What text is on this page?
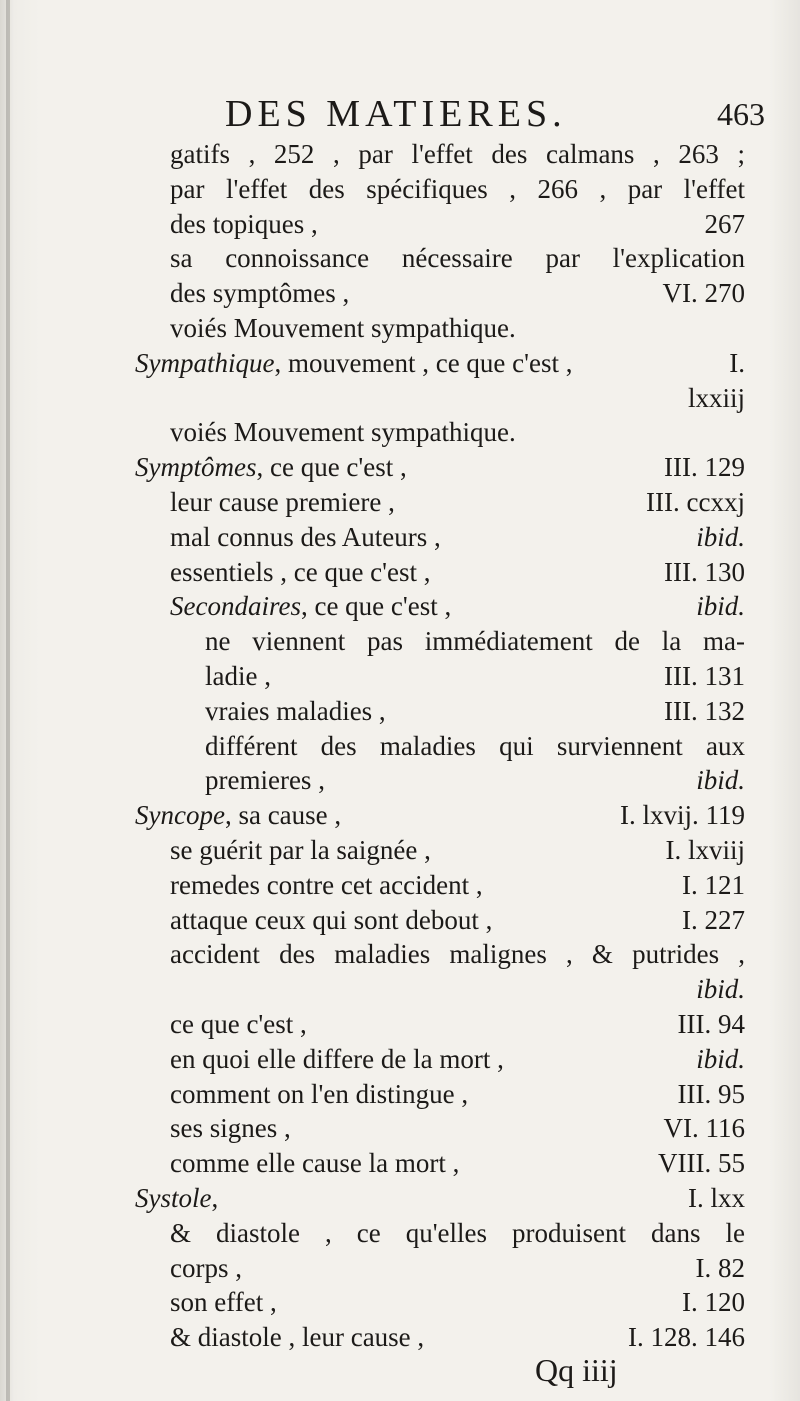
DES MATIERES.	463
gatifs , 252 , par l'effet des calmans , 263 ;
par l'effet des spécifiques , 266 , par l'effet
des topiques ,	267
sa connoissance nécessaire par l'explication
des symptômes ,	VI. 270
voiés Mouvement sympathique.
Sympathique, mouvement , ce que c'est ,	I.
lxxiij
voiés Mouvement sympathique.
Symptômes, ce que c'est ,	III. 129
leur cause premiere ,	III. ccxxj
mal connus des Auteurs ,	ibid.
essentiels , ce que c'est ,	III. 130
Secondaires, ce que c'est ,	ibid.
ne viennent pas immédiatement de la ma-
ladie ,	III. 131
vraies maladies ,	III. 132
différent des maladies qui surviennent aux
premieres ,	ibid.
Syncope, sa cause ,	I. lxvij. 119
se guérit par la saignée ,	I. lxviij
remedes contre cet accident ,	I. 121
attaque ceux qui sont debout ,	I. 227
accident des maladies malignes , & putrides ,
ibid.
ce que c'est ,	III. 94
en quoi elle differe de la mort ,	ibid.
comment on l'en distingue ,	III. 95
ses signes ,	VI. 116
comme elle cause la mort ,	VIII. 55
Systole,	I. lxx
& diastole , ce qu'elles produisent dans le
corps ,	I. 82
son effet ,	I. 120
& diastole , leur cause ,	I. 128. 146
Qq iiij
